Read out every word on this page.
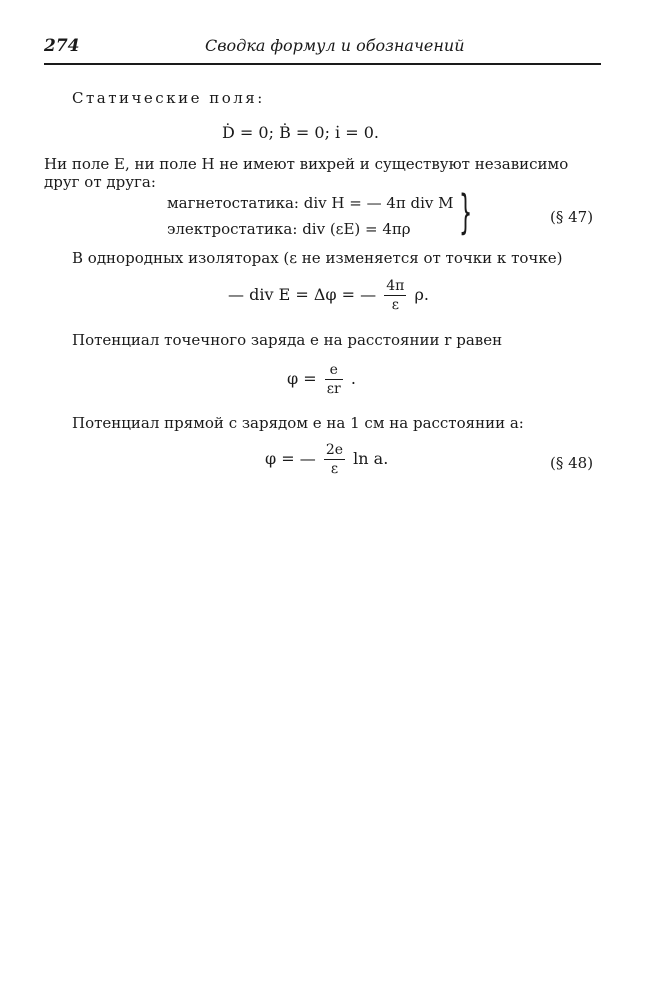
274	Сводка формул и обозначений
Статические поля:
Ḋ = 0; Ḃ = 0; i̇ = 0.
Ни поле E, ни поле H не имеют вихрей и существуют независимо
друг от друга:
магнетостатика: div H = — 4π div M
электростатика: div (εE) = 4πρ }	(§ 47)
В однородных изоляторах (ε не изменяется от точки к точке)
— div E = Δφ = — $\frac{4\pi}{\varepsilon} \rho$.
Потенциал точечного заряда e на расстоянии r равен
$\varphi = \frac{e}{\varepsilon r}$ .
Потенциал прямой с зарядом e на 1 см на расстоянии a:
φ = — $\frac{2e}{\varepsilon}$ ln a.	(§ 48)
